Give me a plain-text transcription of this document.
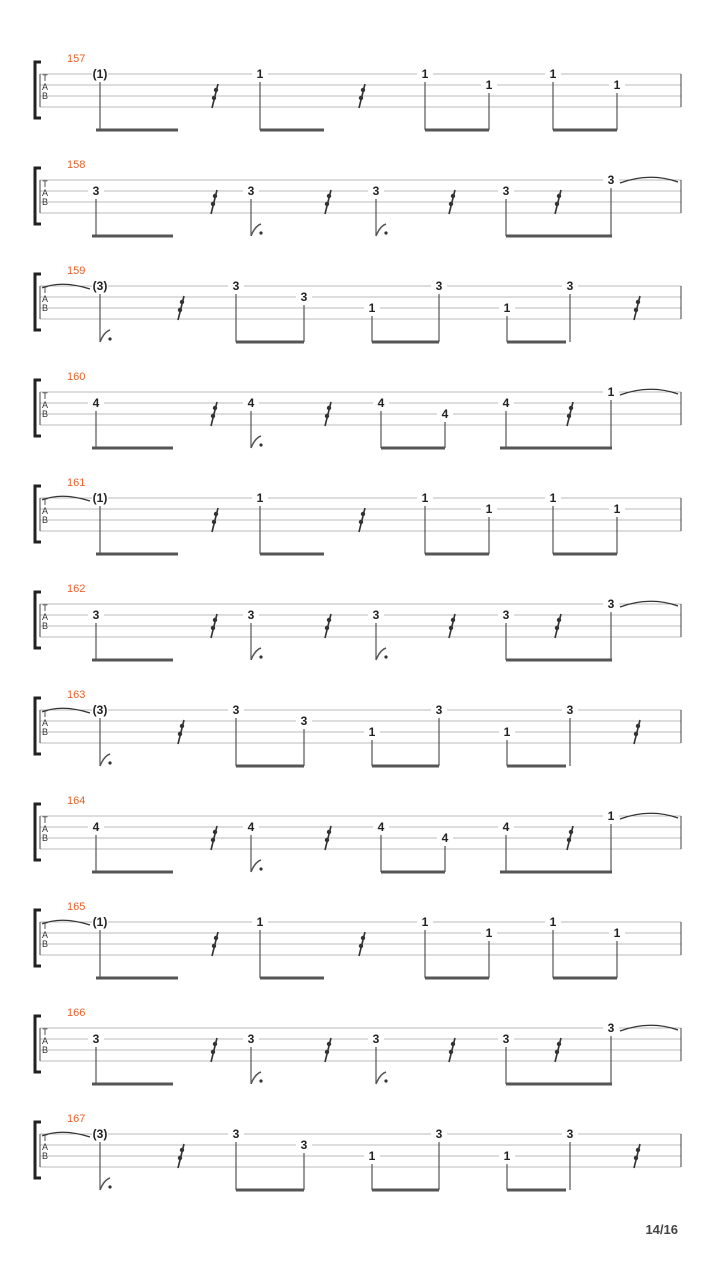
T
A
B
157
(1)	1	1
1
1
1
T
A
B
158
3	3	3	3
3
T
A
B
159
(3)	3
3
1
3
1
3
T
A
B
160
4	4	4
4
4
1
T
A
B
161
(1)	1	1
1
1
1
T
A
B
162
3	3	3	3
3
T
A
B
163
(3)	3
3
1
3
1
3
T
A
B
164
4	4	4
4
4
1
T
A
B
165
(1)	1	1
1
1
1
T
A
B
166
3	3	3	3
3
T
A
B
167
(3)	3
3
1
3
1
3
14/16
